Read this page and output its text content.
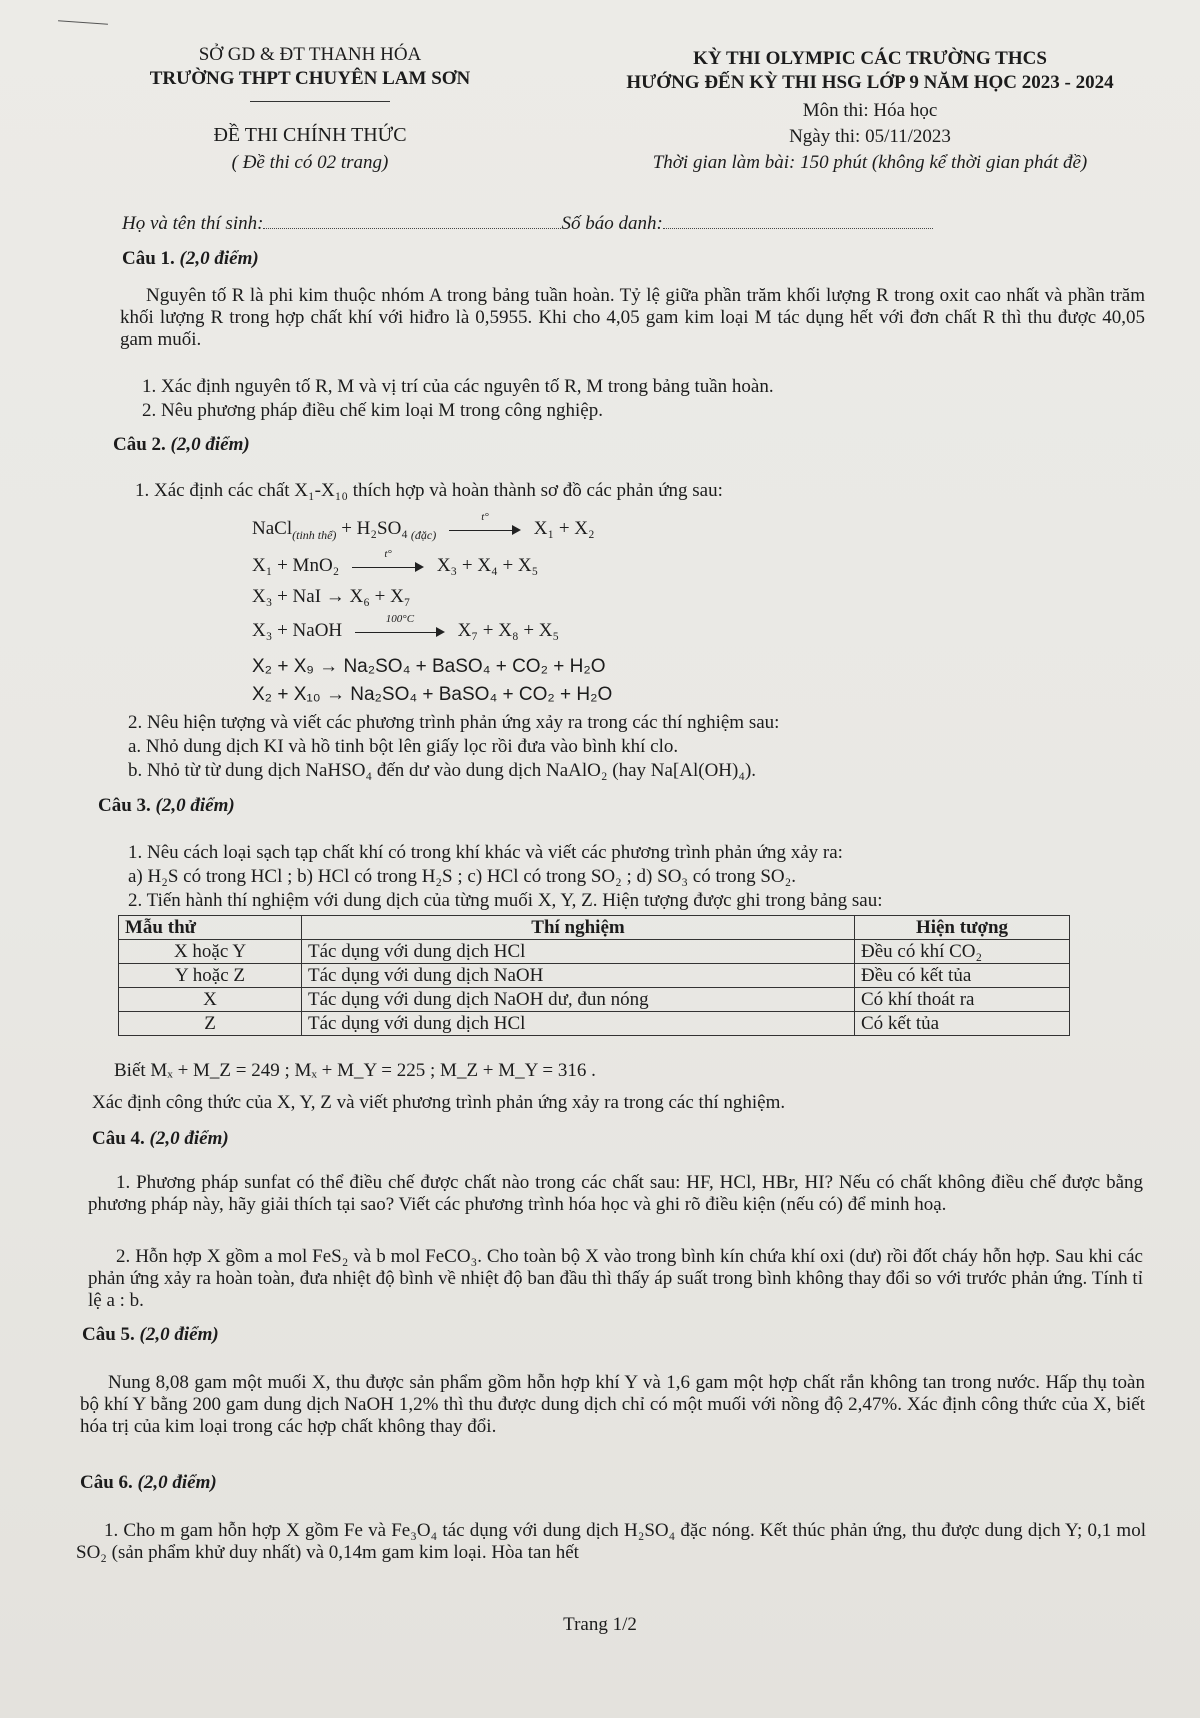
SỞ GD & ĐT THANH HÓA
TRƯỜNG THPT CHUYÊN LAM SƠN
ĐỀ THI CHÍNH THỨC
( Đề thi có 02 trang)
KỲ THI OLYMPIC CÁC TRƯỜNG THCS
HƯỚNG ĐẾN KỲ THI HSG LỚP 9 NĂM HỌC 2023 - 2024
Môn thi: Hóa học
Ngày thi: 05/11/2023
Thời gian làm bài: 150 phút (không kể thời gian phát đề)
Họ và tên thí sinh:	Số báo danh:
Câu 1. (2,0 điểm)
Nguyên tố R là phi kim thuộc nhóm A trong bảng tuần hoàn. Tỷ lệ giữa phần trăm khối lượng R trong oxit cao nhất và phần trăm khối lượng R trong hợp chất khí với hiđro là 0,5955. Khi cho 4,05 gam kim loại M tác dụng hết với đơn chất R thì thu được 40,05 gam muối.
1. Xác định nguyên tố R, M và vị trí của các nguyên tố R, M trong bảng tuần hoàn.
2. Nêu phương pháp điều chế kim loại M trong công nghiệp.
Câu 2. (2,0 điểm)
1. Xác định các chất X₁-X₁₀ thích hợp và hoàn thành sơ đồ các phản ứng sau:
NaCl$_{(tinh thể)}$ + H₂SO₄ $_{(đặc)}$
t°
X₁ + X₂
X₁ + MnO₂
t°
X₃ + X₄ + X₅
X₃ + NaI → X₆ + X₇
X₃ + NaOH
100°C
X₇ + X₈ + X₅
X₂ + X₉ → Na₂SO₄ + BaSO₄ + CO₂ + H₂O
X₂ + X₁₀ → Na₂SO₄ + BaSO₄ + CO₂ + H₂O
2. Nêu hiện tượng và viết các phương trình phản ứng xảy ra trong các thí nghiệm sau:
a. Nhỏ dung dịch KI và hồ tinh bột lên giấy lọc rồi đưa vào bình khí clo.
b. Nhỏ từ từ dung dịch NaHSO₄ đến dư vào dung dịch NaAlO₂ (hay Na[Al(OH)₄).
Câu 3. (2,0 điểm)
1. Nêu cách loại sạch tạp chất khí có trong khí khác và viết các phương trình phản ứng xảy ra:
a) H₂S có trong HCl ; b) HCl có trong H₂S ; c) HCl có trong SO₂ ; d) SO₃ có trong SO₂.
2. Tiến hành thí nghiệm với dung dịch của từng muối X, Y, Z. Hiện tượng được ghi trong bảng sau:
Mẫu thử	Thí nghiệm	Hiện tượng
X hoặc Y	Tác dụng với dung dịch HCl	Đều có khí CO₂
Y hoặc Z	Tác dụng với dung dịch NaOH	Đều có kết tủa
X	Tác dụng với dung dịch NaOH dư, đun nóng	Có khí thoát ra
Z	Tác dụng với dung dịch HCl	Có kết tủa
Biết Mₓ + M_Z = 249 ; Mₓ + M_Y = 225 ; M_Z + M_Y = 316 .
Xác định công thức của X, Y, Z và viết phương trình phản ứng xảy ra trong các thí nghiệm.
Câu 4. (2,0 điểm)
1. Phương pháp sunfat có thể điều chế được chất nào trong các chất sau: HF, HCl, HBr, HI? Nếu có chất không điều chế được bằng phương pháp này, hãy giải thích tại sao? Viết các phương trình hóa học và ghi rõ điều kiện (nếu có) để minh hoạ.
2. Hỗn hợp X gồm a mol FeS₂ và b mol FeCO₃. Cho toàn bộ X vào trong bình kín chứa khí oxi (dư) rồi đốt cháy hỗn hợp. Sau khi các phản ứng xảy ra hoàn toàn, đưa nhiệt độ bình về nhiệt độ ban đầu thì thấy áp suất trong bình không thay đổi so với trước phản ứng. Tính tỉ lệ a : b.
Câu 5. (2,0 điểm)
Nung 8,08 gam một muối X, thu được sản phẩm gồm hỗn hợp khí Y và 1,6 gam một hợp chất rắn không tan trong nước. Hấp thụ toàn bộ khí Y bằng 200 gam dung dịch NaOH 1,2% thì thu được dung dịch chỉ có một muối với nồng độ 2,47%. Xác định công thức của X, biết hóa trị của kim loại trong các hợp chất không thay đổi.
Câu 6. (2,0 điểm)
1. Cho m gam hỗn hợp X gồm Fe và Fe₃O₄ tác dụng với dung dịch H₂SO₄ đặc nóng. Kết thúc phản ứng, thu được dung dịch Y; 0,1 mol SO₂ (sản phẩm khử duy nhất) và 0,14m gam kim loại. Hòa tan hết
Trang 1/2
